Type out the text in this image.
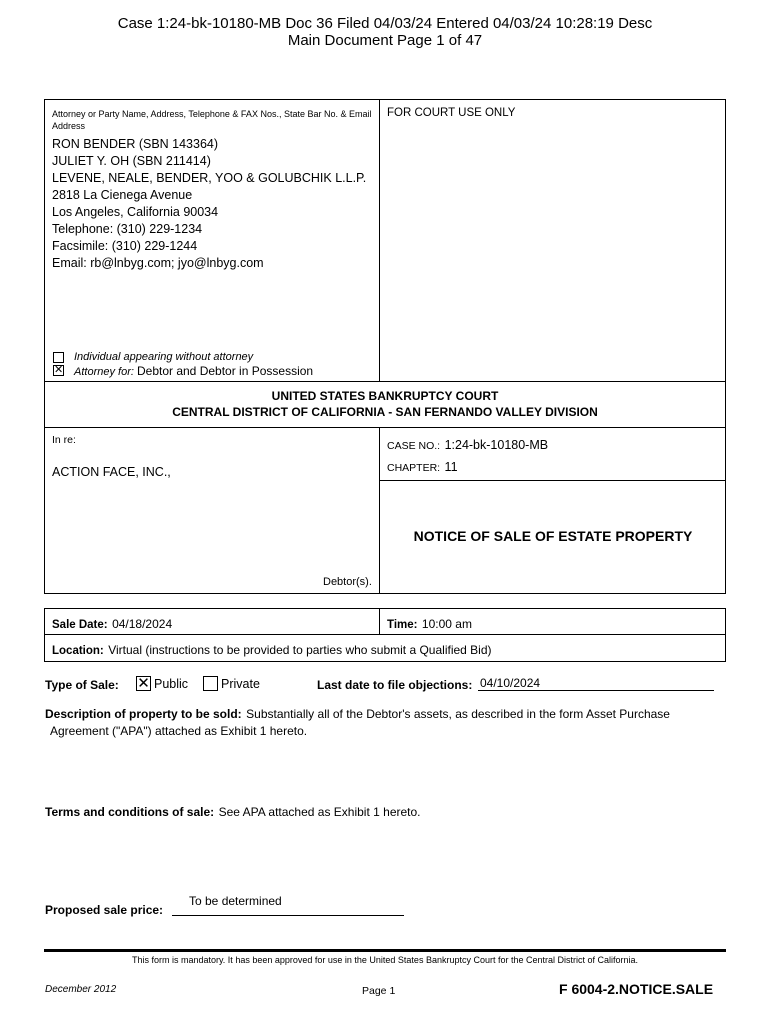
Case 1:24-bk-10180-MB Doc 36 Filed 04/03/24 Entered 04/03/24 10:28:19 Desc
Main Document Page 1 of 47
Attorney or Party Name, Address, Telephone & FAX Nos., State Bar No. & Email Address
RON BENDER (SBN 143364)
JULIET Y. OH (SBN 211414)
LEVENE, NEALE, BENDER, YOO & GOLUBCHIK L.L.P.
2818 La Cienega Avenue
Los Angeles, California 90034
Telephone: (310) 229-1234
Facsimile: (310) 229-1244
Email: rb@lnbyg.com; jyo@lnbyg.com
Individual appearing without attorney
✕ Attorney for: Debtor and Debtor in Possession
FOR COURT USE ONLY
UNITED STATES BANKRUPTCY COURT
CENTRAL DISTRICT OF CALIFORNIA - SAN FERNANDO VALLEY DIVISION
In re:
ACTION FACE, INC.,
Debtor(s).
CASE NO.: 1:24-bk-10180-MB
CHAPTER: 11
NOTICE OF SALE OF ESTATE PROPERTY
Sale Date: 04/18/2024	Time: 10:00 am
Location: Virtual (instructions to be provided to parties who submit a Qualified Bid)
Type of Sale: ✕ Public	Private	Last date to file objections: 04/10/2024
Description of property to be sold: Substantially all of the Debtor's assets, as described in the form Asset Purchase
Agreement ("APA") attached as Exhibit 1 hereto.
Terms and conditions of sale: See APA attached as Exhibit 1 hereto.
To be determined
Proposed sale price:
This form is mandatory. It has been approved for use in the United States Bankruptcy Court for the Central District of California.
December 2012	Page 1	F 6004-2.NOTICE.SALE
